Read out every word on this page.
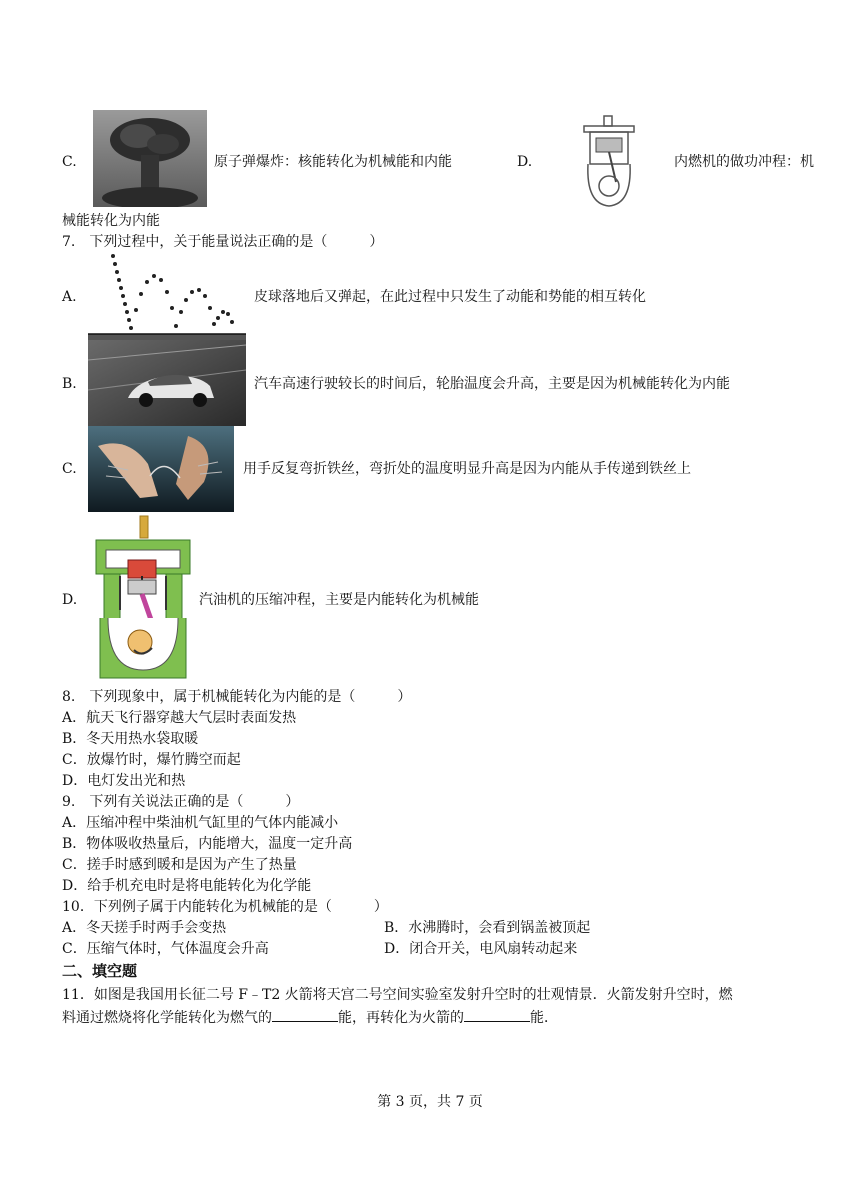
C.	原子弹爆炸：核能转化为机械能和内能	D.	内燃机的做功冲程：机
械能转化为内能
7.　下列过程中，关于能量说法正确的是（　　　）
A.	皮球落地后又弹起，在此过程中只发生了动能和势能的相互转化
B.	汽车高速行驶较长的时间后，轮胎温度会升高，主要是因为机械能转化为内能
C.	用手反复弯折铁丝，弯折处的温度明显升高是因为内能从手传递到铁丝上
D.	汽油机的压缩冲程，主要是内能转化为机械能
8.　下列现象中，属于机械能转化为内能的是（　　　）
A．航天飞行器穿越大气层时表面发热
B．冬天用热水袋取暖
C．放爆竹时，爆竹腾空而起
D．电灯发出光和热
9.　下列有关说法正确的是（　　　）
A．压缩冲程中柴油机气缸里的气体内能减小
B．物体吸收热量后，内能增大，温度一定升高
C．搓手时感到暖和是因为产生了热量
D．给手机充电时是将电能转化为化学能
10．下列例子属于内能转化为机械能的是（　　　）
A．冬天搓手时两手会变热	B．水沸腾时，会看到锅盖被顶起
C．压缩气体时，气体温度会升高	D．闭合开关，电风扇转动起来
二、填空题
11．如图是我国用长征二号 F﹣T2 火箭将天宫二号空间实验室发射升空时的壮观情景．火箭发射升空时，燃
料通过燃烧将化学能转化为燃气的	能，再转化为火箭的	能．
第 3 页，共 7 页
